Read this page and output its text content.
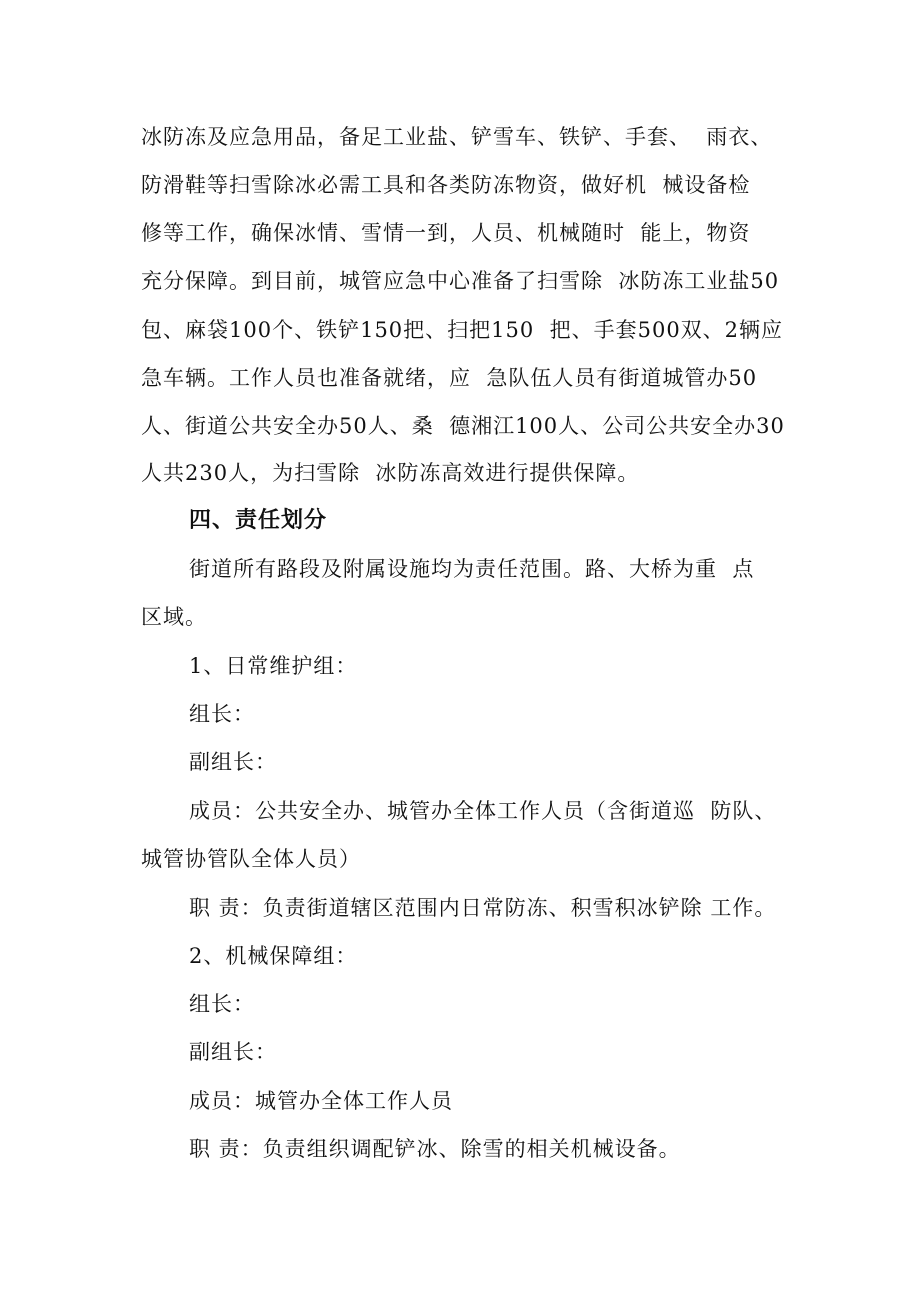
冰防冻及应急用品，备足工业盐、铲雪车、铁铲、手套、  雨衣、
防滑鞋等扫雪除冰必需工具和各类防冻物资，做好机  械设备检
修等工作，确保冰情、雪情一到，人员、机械随时  能上，物资
充分保障。到目前，城管应急中心准备了扫雪除  冰防冻工业盐50
包、麻袋100个、铁铲150把、扫把150  把、手套500双、2辆应
急车辆。工作人员也准备就绪，应  急队伍人员有街道城管办50
人、街道公共安全办50人、桑  德湘江100人、公司公共安全办30
人共230人，为扫雪除  冰防冻高效进行提供保障。
四、责任划分
街道所有路段及附属设施均为责任范围。路、大桥为重  点
区域。
1、日常维护组：
组长：
副组长：
成员：公共安全办、城管办全体工作人员（含街道巡  防队、
城管协管队全体人员）
职 责：负责街道辖区范围内日常防冻、积雪积冰铲除 工作。
2、机械保障组：
组长：
副组长：
成员：城管办全体工作人员
职 责：负责组织调配铲冰、除雪的相关机械设备。
